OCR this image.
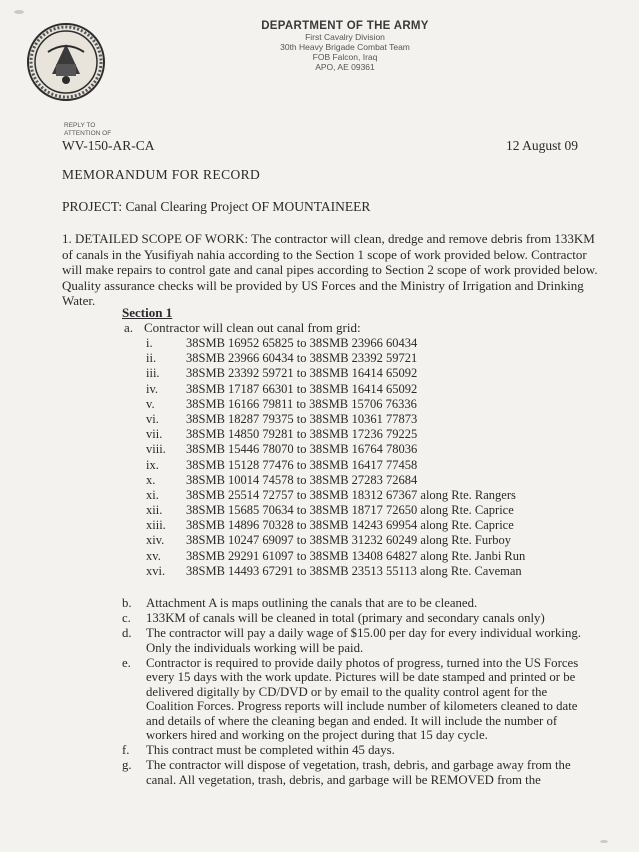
DEPARTMENT OF THE ARMY
First Cavalry Division
30th Heavy Brigade Combat Team
FOB Falcon, Iraq
APO, AE 09361
REPLY TO
ATTENTION OF
WV-150-AR-CA	12 August 09
MEMORANDUM FOR RECORD
PROJECT: Canal Clearing Project OF MOUNTAINEER
1. DETAILED SCOPE OF WORK: The contractor will clean, dredge and remove debris from 133KM of canals in the Yusifiyah nahia according to the Section 1 scope of work provided below. Contractor will make repairs to control gate and canal pipes according to Section 2 scope of work provided below. Quality assurance checks will be provided by US Forces and the Ministry of Irrigation and Drinking Water.
Section 1
a. Contractor will clean out canal from grid:
i.	38SMB 16952 65825 to 38SMB 23966 60434
ii. 38SMB 23966 60434 to 38SMB 23392 59721
iii. 38SMB 23392 59721 to 38SMB 16414 65092
iv. 38SMB 17187 66301 to 38SMB 16414 65092
v.	38SMB 16166 79811 to 38SMB 15706 76336
vi. 38SMB 18287 79375 to 38SMB 10361 77873
vii. 38SMB 14850 79281 to 38SMB 17236 79225
viii. 38SMB 15446 78070 to 38SMB 16764 78036
ix. 38SMB 15128 77476 to 38SMB 16417 77458
x. 38SMB 10014 74578 to 38SMB 27283 72684
xi. 38SMB 25514 72757 to 38SMB 18312 67367 along Rte. Rangers
xii. 38SMB 15685 70634 to 38SMB 18717 72650 along Rte. Caprice
xiii. 38SMB 14896 70328 to 38SMB 14243 69954 along Rte. Caprice
xiv. 38SMB 10247 69097 to 38SMB 31232 60249 along Rte. Furboy
xv. 38SMB 29291 61097 to 38SMB 13408 64827 along Rte. Janbi Run
xvi. 38SMB 14493 67291 to 38SMB 23513 55113 along Rte. Caveman
b. Attachment A is maps outlining the canals that are to be cleaned.
c. 133KM of canals will be cleaned in total (primary and secondary canals only)
d. The contractor will pay a daily wage of $15.00 per day for every individual working. Only the individuals working will be paid.
e. Contractor is required to provide daily photos of progress, turned into the US Forces every 15 days with the work update. Pictures will be date stamped and printed or be delivered digitally by CD/DVD or by email to the quality control agent for the Coalition Forces. Progress reports will include number of kilometers cleaned to date and details of where the cleaning began and ended. It will include the number of workers hired and working on the project during that 15 day cycle.
f. This contract must be completed within 45 days.
g. The contractor will dispose of vegetation, trash, debris, and garbage away from the canal. All vegetation, trash, debris, and garbage will be REMOVED from the
